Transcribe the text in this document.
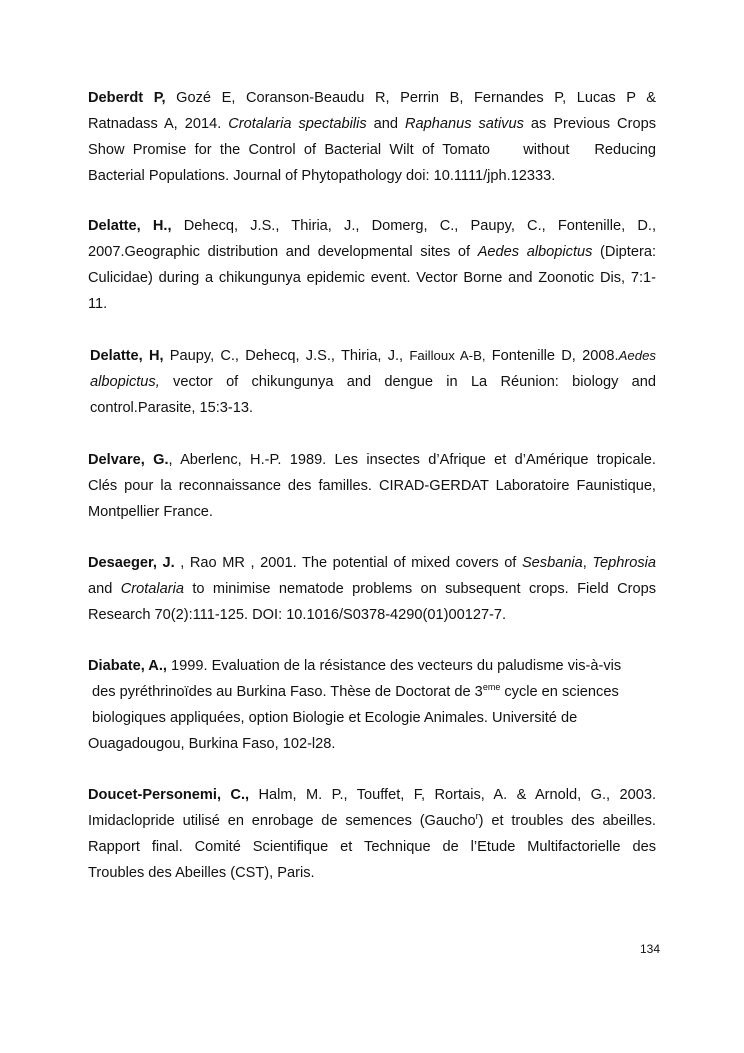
Deberdt P, Gozé E, Coranson-Beaudu R, Perrin B, Fernandes P, Lucas P &
Ratnadass A, 2014. Crotalaria spectabilis and Raphanus sativus as Previous Crops
Show Promise for the Control of Bacterial Wilt of Tomato    without   Reducing
Bacterial Populations. Journal of Phytopathology doi: 10.1111/jph.12333.
Delatte, H., Dehecq, J.S., Thiria, J., Domerg, C., Paupy, C., Fontenille, D.,
2007.Geographic distribution and developmental sites of Aedes albopictus (Diptera:
Culicidae) during a chikungunya epidemic event. Vector Borne and Zoonotic Dis, 7:1-
11.
Delatte, H, Paupy, C., Dehecq, J.S., Thiria, J., Failloux A-B, Fontenille D, 2008.Aedes
albopictus, vector of chikungunya and dengue in La Réunion: biology and
control.Parasite, 15:3-13.
Delvare, G., Aberlenc, H.-P. 1989. Les insectes d’Afrique et d’Amérique tropicale.
Clés pour la reconnaissance des familles. CIRAD-GERDAT Laboratoire Faunistique,
Montpellier France.
Desaeger, J. , Rao MR , 2001. The potential of mixed covers of Sesbania, Tephrosia
and Crotalaria to minimise nematode problems on subsequent crops. Field Crops
Research 70(2):111-125. DOI: 10.1016/S0378-4290(01)00127-7.
Diabate, A., 1999. Evaluation de la résistance des vecteurs du paludisme vis-à-vis
des pyréthrinoïdes au Burkina Faso. Thèse de Doctorat de 3eme cycle en sciences
biologiques appliquées, option Biologie et Ecologie Animales. Université de
Ouagadougou, Burkina Faso, 102-l28.
Doucet-Personemi, C., Halm, M. P., Touffet, F, Rortais, A. & Arnold, G., 2003.
Imidaclopride utilisé en enrobage de semences (Gaucho$^r$) et troubles des abeilles.
Rapport final. Comité Scientifique et Technique de l’Etude Multifactorielle des
Troubles des Abeilles (CST), Paris.
134
